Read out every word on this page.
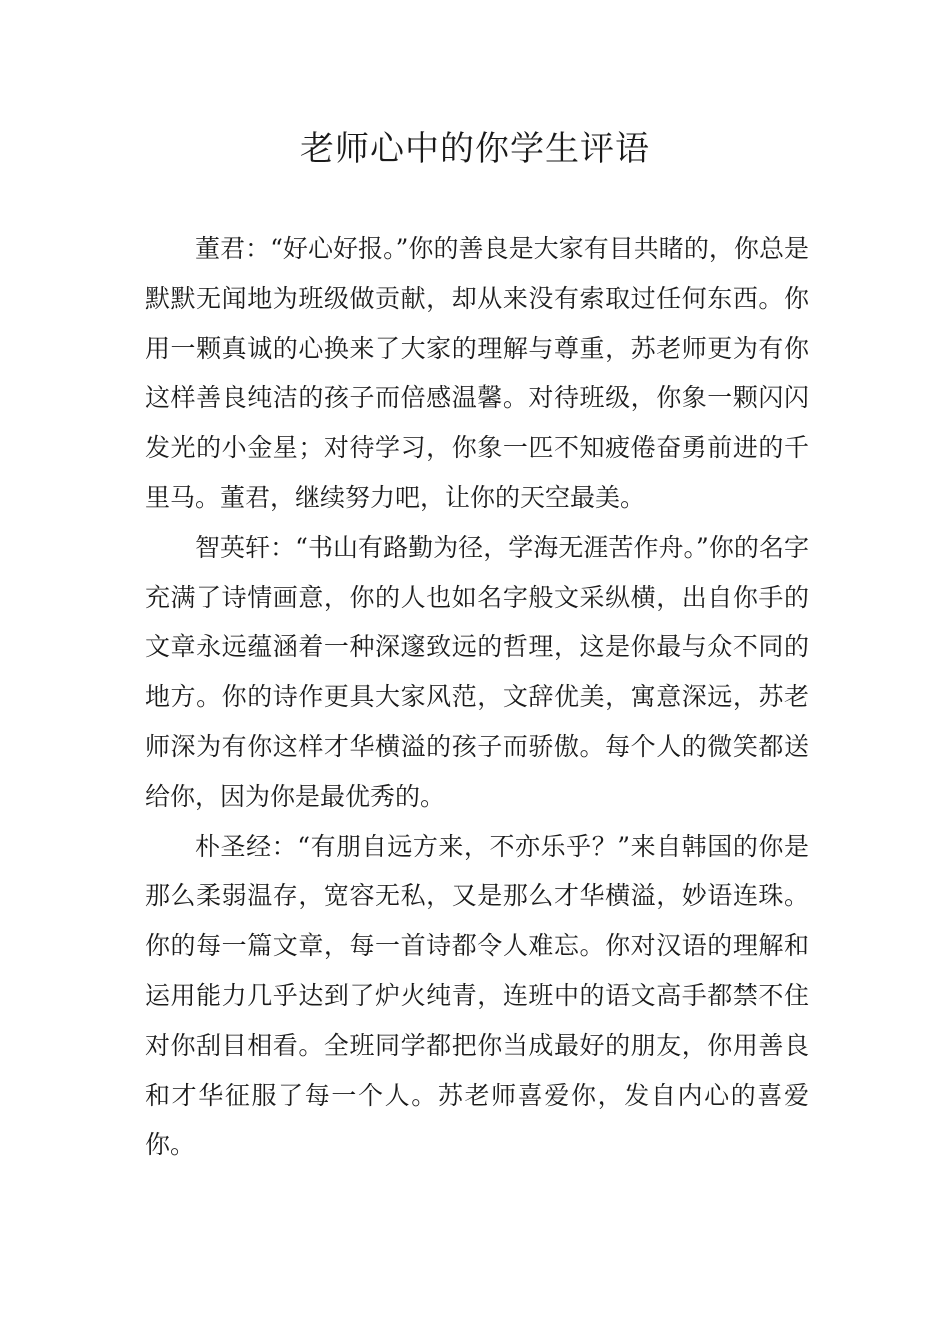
老师心中的你学生评语

董君：“好心好报。”你的善良是大家有目共睹的，你总是默默无闻地为班级做贡献，却从来没有索取过任何东西。你用一颗真诚的心换来了大家的理解与尊重，苏老师更为有你这样善良纯洁的孩子而倍感温馨。对待班级，你象一颗闪闪发光的小金星；对待学习，你象一匹不知疲倦奋勇前进的千里马。董君，继续努力吧，让你的天空最美。

智英轩：“书山有路勤为径，学海无涯苦作舟。”你的名字充满了诗情画意，你的人也如名字般文采纵横，出自你手的文章永远蕴涵着一种深邃致远的哲理，这是你最与众不同的地方。你的诗作更具大家风范，文辞优美，寓意深远，苏老师深为有你这样才华横溢的孩子而骄傲。每个人的微笑都送给你，因为你是最优秀的。

朴圣经：“有朋自远方来，不亦乐乎？”来自韩国的你是那么柔弱温存，宽容无私，又是那么才华横溢，妙语连珠。你的每一篇文章，每一首诗都令人难忘。你对汉语的理解和运用能力几乎达到了炉火纯青，连班中的语文高手都禁不住对你刮目相看。全班同学都把你当成最好的朋友，你用善良和才华征服了每一个人。苏老师喜爱你，发自内心的喜爱你。
